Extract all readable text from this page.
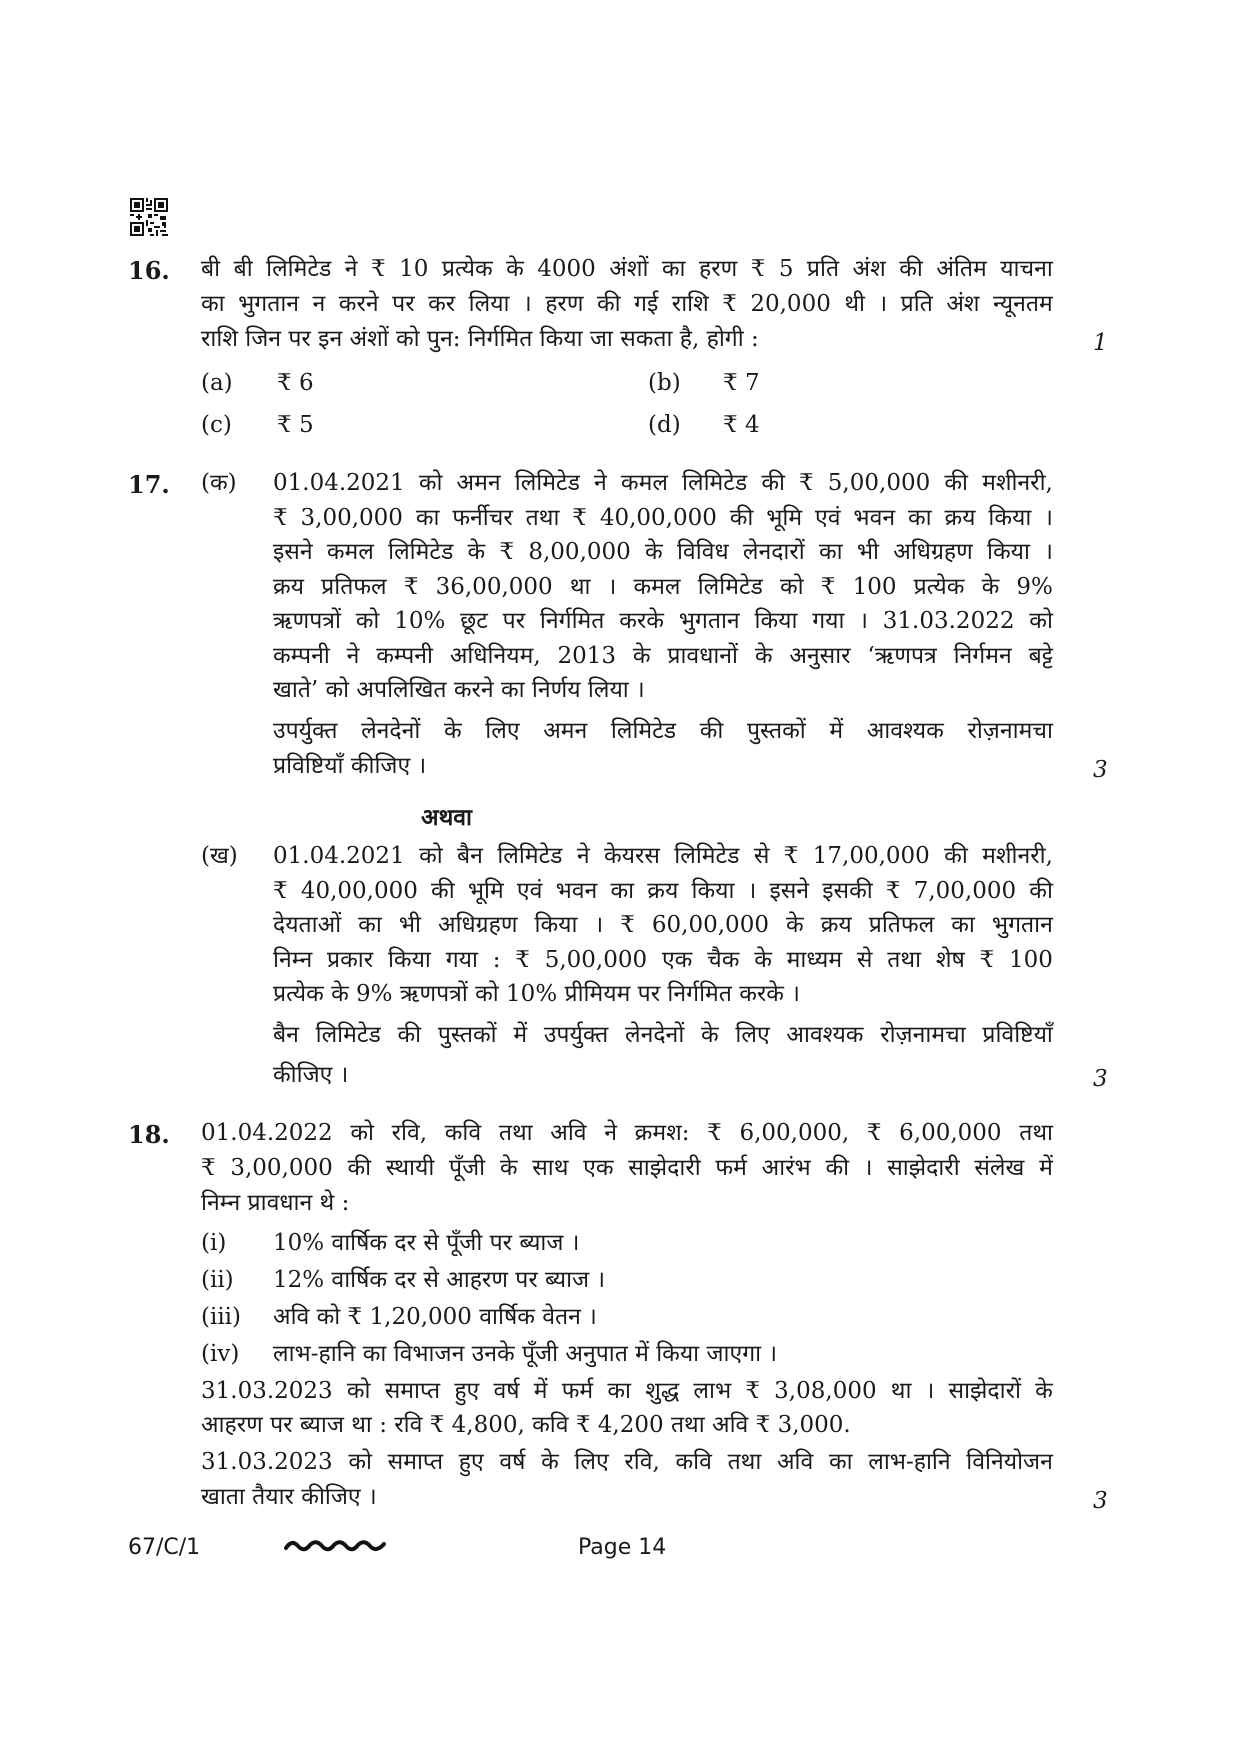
16. बी बी लिमिटेड ने ₹ 10 प्रत्येक के 4000 अंशों का हरण ₹ 5 प्रति अंश की अंतिम याचना
का भुगतान न करने पर कर लिया । हरण की गई राशि ₹ 20,000 थी । प्रति अंश न्यूनतम
राशि जिन पर इन अंशों को पुन: निर्गमित किया जा सकता है, होगी :	1
(a) ₹ 6	(b) ₹ 7
(c) ₹ 5	(d) ₹ 4
17. (क) 01.04.2021 को अमन लिमिटेड ने कमल लिमिटेड की ₹ 5,00,000 की मशीनरी,
₹ 3,00,000 का फर्नीचर तथा ₹ 40,00,000 की भूमि एवं भवन का क्रय किया ।
इसने कमल लिमिटेड के ₹ 8,00,000 के विविध लेनदारों का भी अधिग्रहण किया ।
क्रय प्रतिफल ₹ 36,00,000 था । कमल लिमिटेड को ₹ 100 प्रत्येक के 9%
ऋणपत्रों को 10% छूट पर निर्गमित करके भुगतान किया गया । 31.03.2022 को
कम्पनी ने कम्पनी अधिनियम, 2013 के प्रावधानों के अनुसार ‘ऋणपत्र निर्गमन बट्टे
खाते’ को अपलिखित करने का निर्णय लिया ।
उपर्युक्त लेनदेनों के लिए अमन लिमिटेड की पुस्तकों में आवश्यक रोज़नामचा
प्रविष्टियाँ कीजिए ।	3
अथवा
(ख) 01.04.2021 को बैन लिमिटेड ने केयरस लिमिटेड से ₹ 17,00,000 की मशीनरी,
₹ 40,00,000 की भूमि एवं भवन का क्रय किया । इसने इसकी ₹ 7,00,000 की
देयताओं का भी अधिग्रहण किया । ₹ 60,00,000 के क्रय प्रतिफल का भुगतान
निम्न प्रकार किया गया : ₹ 5,00,000 एक चैक के माध्यम से तथा शेष ₹ 100
प्रत्येक के 9% ऋणपत्रों को 10% प्रीमियम पर निर्गमित करके ।
बैन लिमिटेड की पुस्तकों में उपर्युक्त लेनदेनों के लिए आवश्यक रोज़नामचा प्रविष्टियाँ
कीजिए ।	3
18. 01.04.2022 को रवि, कवि तथा अवि ने क्रमश: ₹ 6,00,000, ₹ 6,00,000 तथा
₹ 3,00,000 की स्थायी पूँजी के साथ एक साझेदारी फर्म आरंभ की । साझेदारी संलेख में
निम्न प्रावधान थे :
(i) 10% वार्षिक दर से पूँजी पर ब्याज ।
(ii) 12% वार्षिक दर से आहरण पर ब्याज ।
(iii) अवि को ₹ 1,20,000 वार्षिक वेतन ।
(iv) लाभ-हानि का विभाजन उनके पूँजी अनुपात में किया जाएगा ।
31.03.2023 को समाप्त हुए वर्ष में फर्म का शुद्ध लाभ ₹ 3,08,000 था । साझेदारों के
आहरण पर ब्याज था : रवि ₹ 4,800, कवि ₹ 4,200 तथा अवि ₹ 3,000.
31.03.2023 को समाप्त हुए वर्ष के लिए रवि, कवि तथा अवि का लाभ-हानि विनियोजन
खाता तैयार कीजिए ।	3
67/C/1	Page 14
